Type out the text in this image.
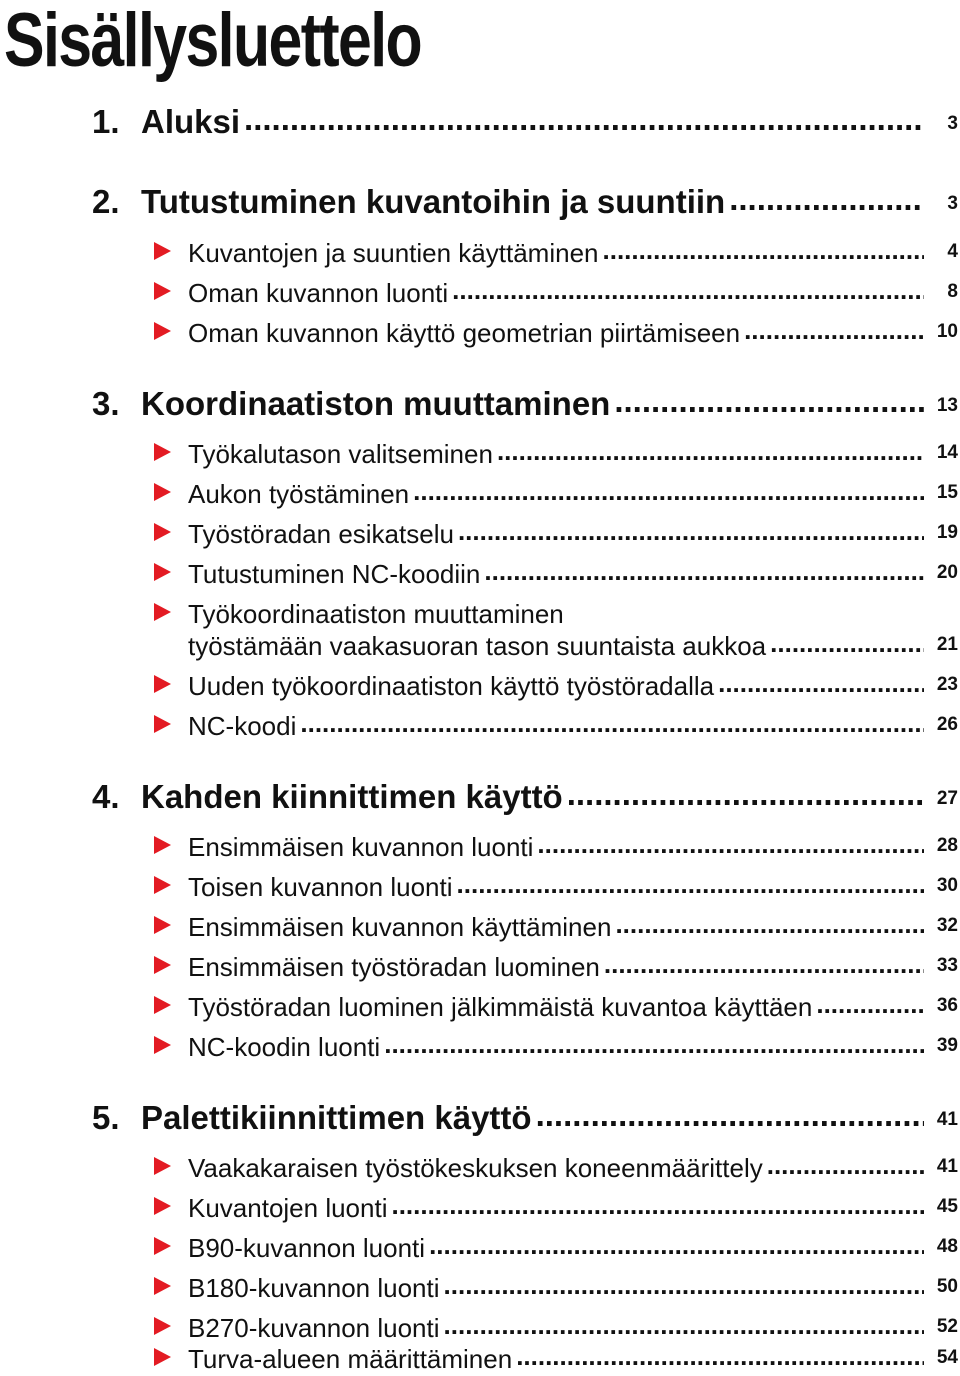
Sisällysluettelo
1. Aluksi .....	3
2. Tutustuminen kuvantoihin ja suuntiin .....	3
Kuvantojen ja suuntien käyttäminen .....	4
Oman kuvannon luonti .....	8
Oman kuvannon käyttö geometrian piirtämiseen .....	10
3. Koordinaatiston muuttaminen .....	13
Työkalutason valitseminen .....	14
Aukon työstäminen .....	15
Työstöradan esikatselu .....	19
Tutustuminen NC-koodiin .....	20
Työkoordinaatiston muuttaminen
työstämään vaakasuoran tason suuntaista aukkoa .....	21
Uuden työkoordinaatiston käyttö työstöradalla .....	23
NC-koodi .....	26
4. Kahden kiinnittimen käyttö .....	27
Ensimmäisen kuvannon luonti .....	28
Toisen kuvannon luonti .....	30
Ensimmäisen kuvannon käyttäminen .....	32
Ensimmäisen työstöradan luominen .....	33
Työstöradan luominen jälkimmäistä kuvantoa käyttäen .....	36
NC-koodin luonti .....	39
5. Palettikiinnittimen käyttö .....	41
Vaakakaraisen työstökeskuksen koneenmäärittely .....	41
Kuvantojen luonti .....	45
B90-kuvannon luonti .....	48
B180-kuvannon luonti .....	50
B270-kuvannon luonti .....	52
Turva-alueen määrittäminen .....	54
